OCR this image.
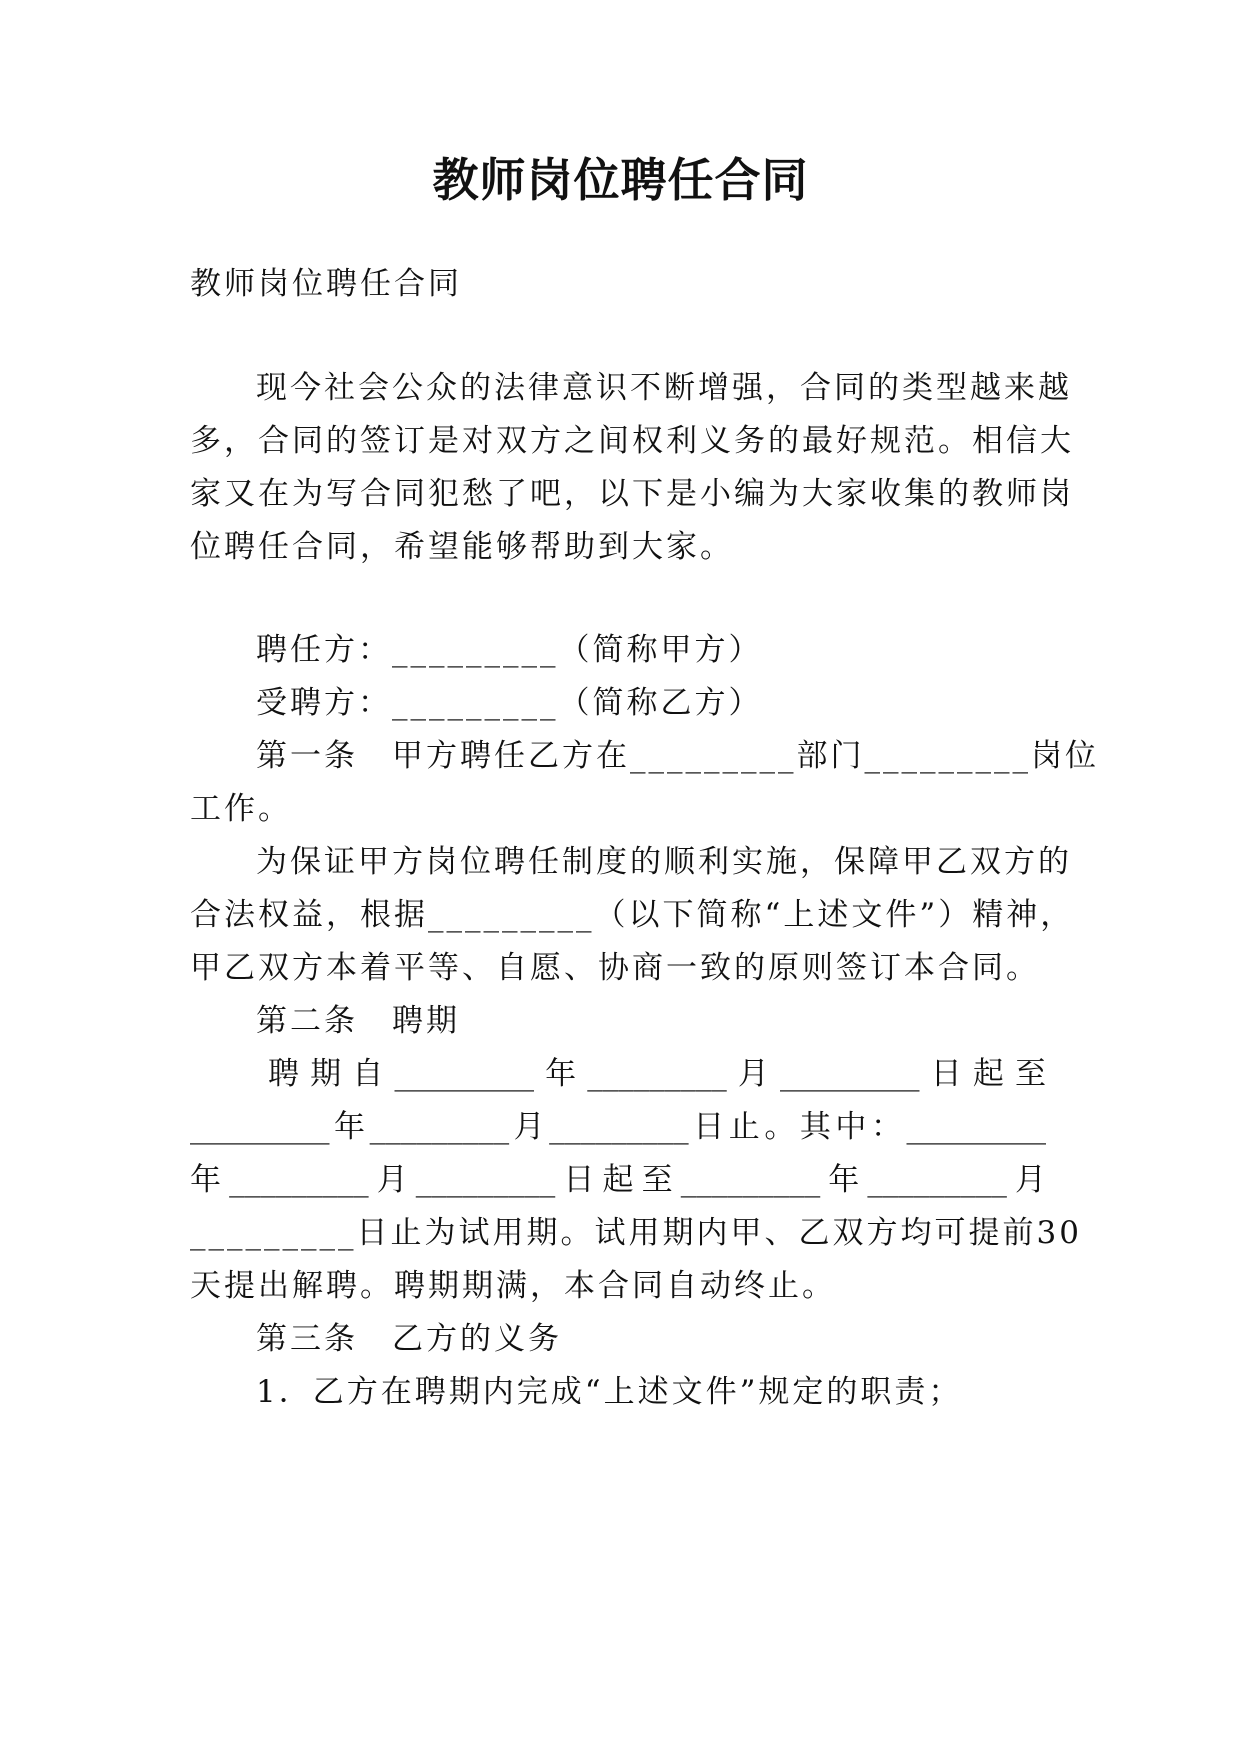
教师岗位聘任合同
教师岗位聘任合同
现今社会公众的法律意识不断增强，合同的类型越来越
多，合同的签订是对双方之间权利义务的最好规范。相信大
家又在为写合同犯愁了吧，以下是小编为大家收集的教师岗
位聘任合同，希望能够帮助到大家。
聘任方：_________（简称甲方）
受聘方：_________（简称乙方）
第一条　甲方聘任乙方在_________部门_________岗位
工作。
为保证甲方岗位聘任制度的顺利实施，保障甲乙双方的
合法权益，根据_________（以下简称“上述文件”）精神，
甲乙双方本着平等、自愿、协商一致的原则签订本合同。
第二条　聘期
聘期自_________年_________月_________日起至
_________年_________月_________日止。其中：_________
年_________月_________日起至_________年_________月
_________日止为试用期。试用期内甲、乙双方均可提前30
天提出解聘。聘期期满，本合同自动终止。
第三条　乙方的义务
1．乙方在聘期内完成“上述文件”规定的职责；
